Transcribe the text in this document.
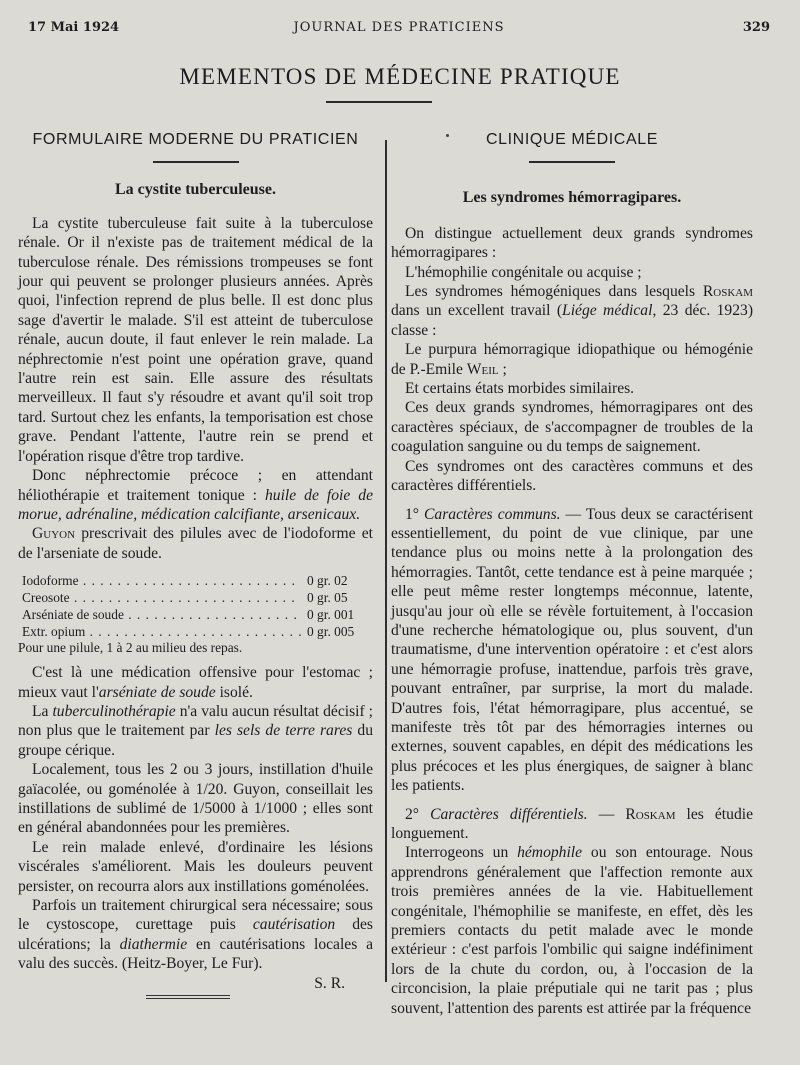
17 Mai 1924	JOURNAL DES PRATICIENS	329
MEMENTOS DE MÉDECINE PRATIQUE
FORMULAIRE MODERNE DU PRATICIEN
La cystite tuberculeuse.

La cystite tuberculeuse fait suite à la tuberculose rénale. Or il n'existe pas de traitement médical de la tuberculose rénale. Des rémissions trompeuses se font jour qui peuvent se prolonger plusieurs années. Après quoi, l'infection reprend de plus belle. Il est donc plus sage d'avertir le malade. S'il est atteint de tuberculose rénale, aucun doute, il faut enlever le rein malade. La néphrectomie n'est point une opération grave, quand l'autre rein est sain. Elle assure des résultats merveilleux. Il faut s'y résoudre et avant qu'il soit trop tard. Surtout chez les enfants, la temporisation est chose grave. Pendant l'attente, l'autre rein se prend et l'opération risque d'être trop tardive.

Donc néphrectomie précoce ; en attendant héliothérapie et traitement tonique : huile de foie de morue, adrénaline, médication calcifiante, arsenicaux.

Guyon prescrivait des pilules avec de l'iodoforme et de l'arseniate de soude.

Iodoforme . . .	0 gr. 02
Creosote . . .	0 gr. 05
Arséniate de soude . . .	0 gr. 001
Extr. opium . . .	0 gr. 005
Pour une pilule, 1 à 2 au milieu des repas.

C'est là une médication offensive pour l'estomac ; mieux vaut l'arséniate de soude isolé.

La tuberculinothérapie n'a valu aucun résultat décisif ; non plus que le traitement par les sels de terre rares du groupe cérique.

Localement, tous les 2 ou 3 jours, instillation d'huile gaïacolée, ou goménolée à 1/20. Guyon, conseillait les instillations de sublimé de 1/5000 à 1/1000 ; elles sont en général abandonnées pour les premières.

Le rein malade enlevé, d'ordinaire les lésions viscérales s'améliorent. Mais les douleurs peuvent persister, on recourra alors aux instillations goménolées.

Parfois un traitement chirurgical sera nécessaire; sous le cystoscope, curettage puis cautérisation des ulcérations; la diathermie en cautérisations locales a valu des succès. (Heitz-Boyer, Le Fur).

S. R.
CLINIQUE MÉDICALE
Les syndromes hémorragipares.

On distingue actuellement deux grands syndromes hémorragipares :

L'hémophilie congénitale ou acquise ;

Les syndromes hémogéniques dans lesquels Roskam dans un excellent travail (Liége médical, 23 déc. 1923) classe :

Le purpura hémorragique idiopathique ou hémogénie de P.-Emile Weil ;

Et certains états morbides similaires.

Ces deux grands syndromes, hémorragipares ont des caractères spéciaux, de s'accompagner de troubles de la coagulation sanguine ou du temps de saignement.

Ces syndromes ont des caractères communs et des caractères différentiels.

1° Caractères communs. — Tous deux se caractérisent essentiellement, du point de vue clinique, par une tendance plus ou moins nette à la prolongation des hémorragies. Tantôt, cette tendance est à peine marquée ; elle peut même rester longtemps méconnue, latente, jusqu'au jour où elle se révèle fortuitement, à l'occasion d'une recherche hématologique ou, plus souvent, d'un traumatisme, d'une intervention opératoire : et c'est alors une hémorragie profuse, inattendue, parfois très grave, pouvant entraîner, par surprise, la mort du malade. D'autres fois, l'état hémorragipare, plus accentué, se manifeste très tôt par des hémorragies internes ou externes, souvent capables, en dépit des médications les plus précoces et les plus énergiques, de saigner à blanc les patients.

2° Caractères différentiels. — Roskam les étudie longuement.

Interrogeons un hémophile ou son entourage. Nous apprendrons généralement que l'affection remonte aux trois premières années de la vie. Habituellement congénitale, l'hémophilie se manifeste, en effet, dès les premiers contacts du petit malade avec le monde extérieur : c'est parfois l'ombilic qui saigne indéfiniment lors de la chute du cordon, ou, à l'occasion de la circoncision, la plaie préputiale qui ne tarit pas ; plus souvent, l'attention des parents est attirée par la fréquence
